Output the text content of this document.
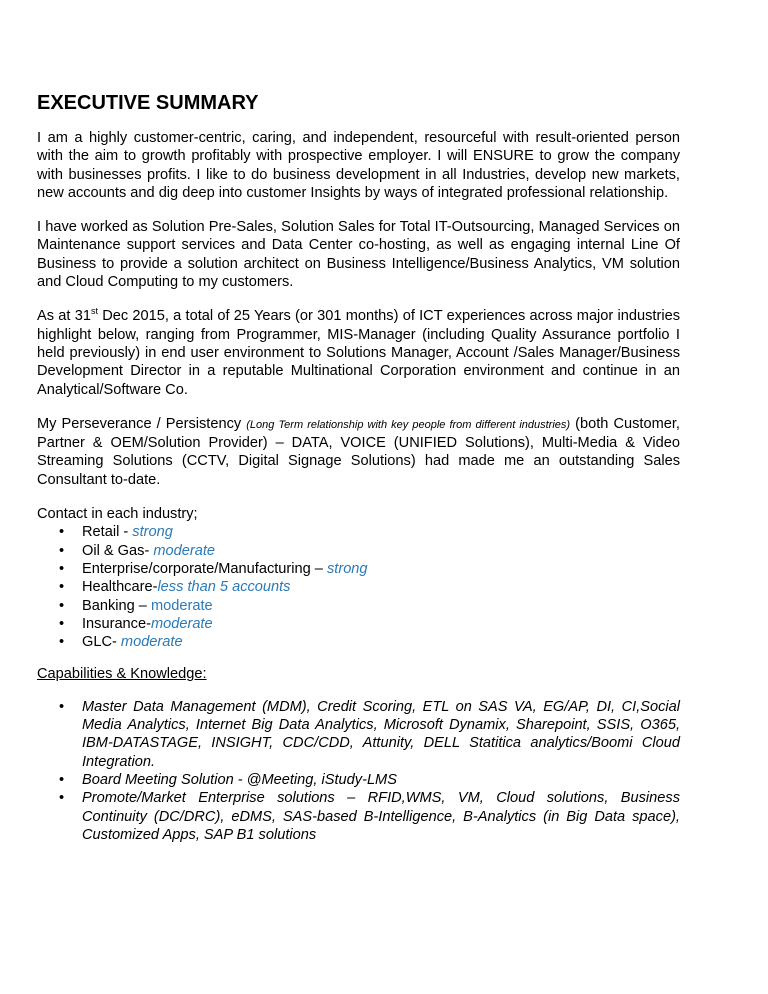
EXECUTIVE SUMMARY

I am a highly customer-centric, caring, and independent, resourceful with result-oriented person with the aim to growth profitably with prospective employer. I will ENSURE to grow the company with businesses profits. I like to do business development in all Industries, develop new markets, new accounts and dig deep into customer Insights by ways of integrated professional relationship.

I have worked as Solution Pre-Sales, Solution Sales for Total IT-Outsourcing, Managed Services on Maintenance support services and Data Center co-hosting, as well as engaging internal Line Of Business to provide a solution architect on Business Intelligence/Business Analytics, VM solution and Cloud Computing to my customers.

As at 31st Dec 2015, a total of 25 Years (or 301 months) of ICT experiences across major industries highlight below, ranging from Programmer, MIS-Manager (including Quality Assurance portfolio I held previously) in end user environment to Solutions Manager, Account /Sales Manager/Business Development Director in a reputable Multinational Corporation environment and continue in an Analytical/Software Co.

My Perseverance / Persistency (Long Term relationship with key people from different industries) (both Customer, Partner & OEM/Solution Provider) – DATA, VOICE (UNIFIED Solutions), Multi-Media & Video Streaming Solutions (CCTV, Digital Signage Solutions) had made me an outstanding Sales Consultant to-date.

Contact in each industry;
• Retail - strong
• Oil & Gas- moderate
• Enterprise/corporate/Manufacturing – strong
• Healthcare-less than 5 accounts
• Banking – moderate
• Insurance-moderate
• GLC- moderate
Capabilities & Knowledge:
• Master Data Management (MDM), Credit Scoring, ETL on SAS VA, EG/AP, DI, CI,Social Media Analytics, Internet Big Data Analytics, Microsoft Dynamix, Sharepoint, SSIS, O365, IBM-DATASTAGE, INSIGHT, CDC/CDD, Attunity, DELL Statitica analytics/Boomi Cloud Integration.
• Board Meeting Solution - @Meeting, iStudy-LMS
• Promote/Market Enterprise solutions – RFID,WMS, VM, Cloud solutions, Business Continuity (DC/DRC), eDMS, SAS-based B-Intelligence, B-Analytics (in Big Data space), Customized Apps, SAP B1 solutions
